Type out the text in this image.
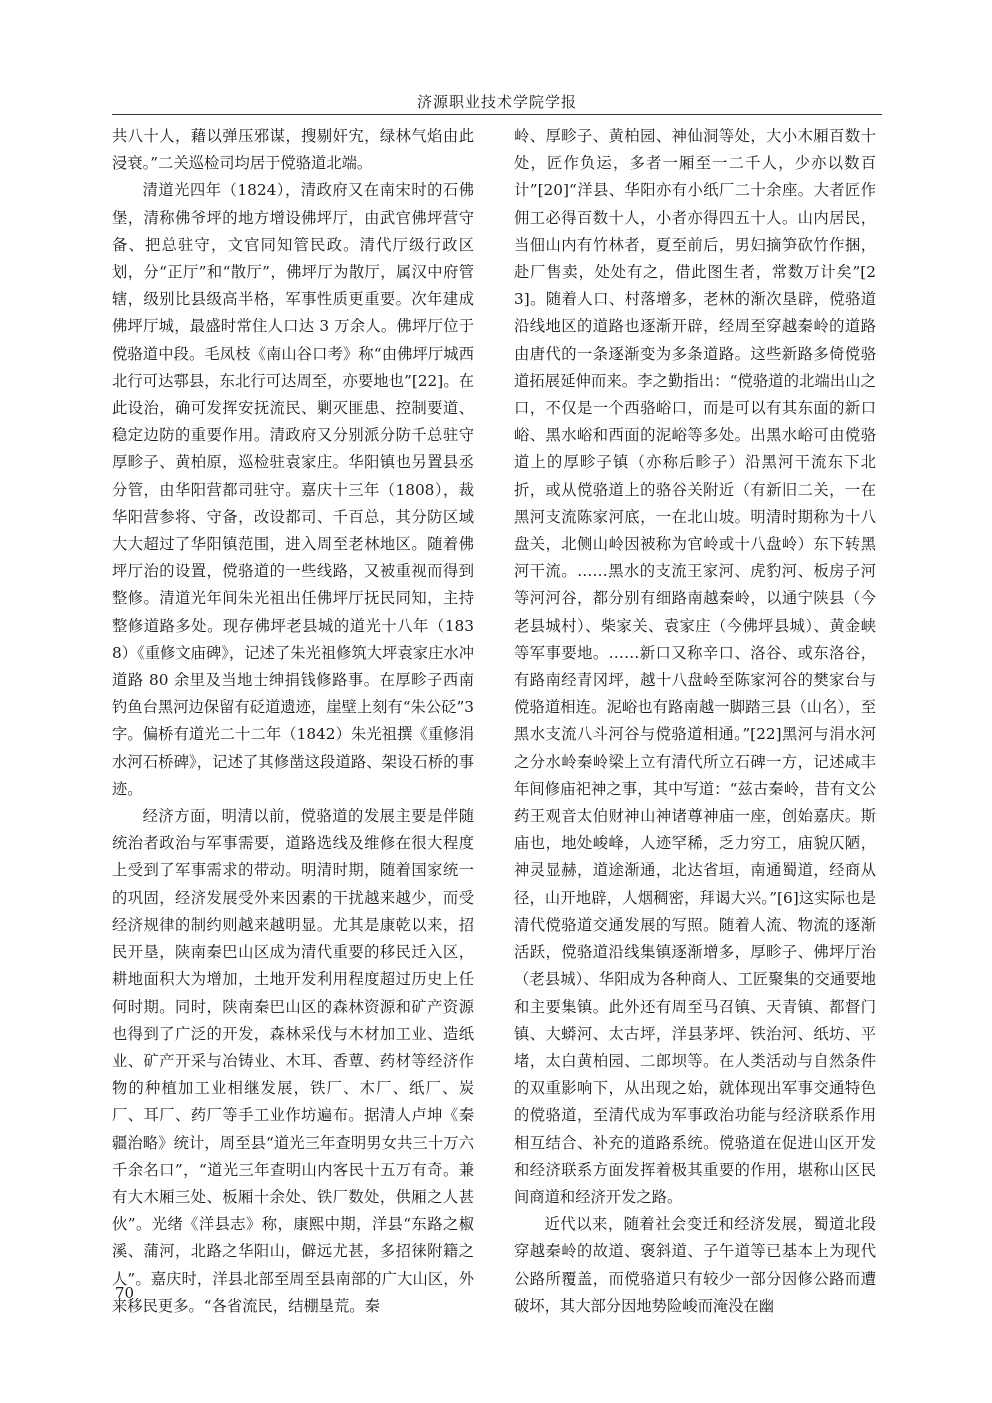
济源职业技术学院学报

共八十人，藉以弹压邪谋，搜剔奸宄，绿林气焰由此浸衰。”二关巡检司均居于傥骆道北端。

清道光四年（1824），清政府又在南宋时的石佛堡，清称佛爷坪的地方增设佛坪厅，由武官佛坪营守备、把总驻守，文官同知管民政。清代厅级行政区划，分“正厅”和“散厅”，佛坪厅为散厅，属汉中府管辖，级别比县级高半格，军事性质更重要。次年建成佛坪厅城，最盛时常住人口达 3 万余人。佛坪厅位于傥骆道中段。毛凤枝《南山谷口考》称“由佛坪厅城西北行可达鄠县，东北行可达周至，亦要地也”[22]。在此设治，确可发挥安抚流民、剿灭匪患、控制要道、稳定边防的重要作用。清政府又分别派分防千总驻守厚畛子、黄柏原，巡检驻袁家庄。华阳镇也另置县丞分管，由华阳营都司驻守。嘉庆十三年（1808），裁华阳营参将、守备，改设都司、千百总，其分防区域大大超过了华阳镇范围，进入周至老林地区。随着佛坪厅治的设置，傥骆道的一些线路，又被重视而得到整修。清道光年间朱光祖出任佛坪厅抚民同知，主持整修道路多处。现存佛坪老县城的道光十八年（1838）《重修文庙碑》，记述了朱光祖修筑大坪袁家庄水冲道路 80 余里及当地士绅捐钱修路事。在厚畛子西南钓鱼台黑河边保留有砭道遗迹，崖壁上刻有“朱公砭”3 字。偏桥有道光二十二年（1842）朱光祖撰《重修涓水河石桥碑》，记述了其修凿这段道路、架设石桥的事迹。

经济方面，明清以前，傥骆道的发展主要是伴随统治者政治与军事需要，道路选线及维修在很大程度上受到了军事需求的带动。明清时期，随着国家统一的巩固，经济发展受外来因素的干扰越来越少，而受经济规律的制约则越来越明显。尤其是康乾以来，招民开垦，陕南秦巴山区成为清代重要的移民迁入区，耕地面积大为增加，土地开发利用程度超过历史上任何时期。同时，陕南秦巴山区的森林资源和矿产资源也得到了广泛的开发，森林采伐与木材加工业、造纸业、矿产开采与冶铸业、木耳、香蕈、药材等经济作物的种植加工业相继发展，铁厂、木厂、纸厂、炭厂、耳厂、药厂等手工业作坊遍布。据清人卢坤《秦疆治略》统计，周至县“道光三年查明男女共三十万六千余名口”，“道光三年查明山内客民十五万有奇。兼有大木厢三处、板厢十余处、铁厂数处，供厢之人甚伙”。光绪《洋县志》称，康熙中期，洋县“东路之椒溪、蒲河，北路之华阳山，僻远尤甚，多招徕附籍之人”。嘉庆时，洋县北部至周至县南部的广大山区，外来移民更多。“各省流民，结棚垦荒。秦

岭、厚畛子、黄柏园、神仙洞等处，大小木厢百数十处，匠作负运，多者一厢至一二千人，少亦以数百计”[20]“洋县、华阳亦有小纸厂二十余座。大者匠作佣工必得百数十人，小者亦得四五十人。山内居民，当佃山内有竹林者，夏至前后，男妇摘笋砍竹作捆，赴厂售卖，处处有之，借此图生者，常数万计矣”[23]。随着人口、村落增多，老林的渐次垦辟，傥骆道沿线地区的道路也逐渐开辟，经周至穿越秦岭的道路由唐代的一条逐渐变为多条道路。这些新路多倚傥骆道拓展延伸而来。李之勤指出：“傥骆道的北端出山之口，不仅是一个西骆峪口，而是可以有其东面的新口峪、黑水峪和西面的泥峪等多处。出黑水峪可由傥骆道上的厚畛子镇（亦称后畛子）沿黑河干流东下北折，或从傥骆道上的骆谷关附近（有新旧二关，一在黑河支流陈家河底，一在北山坡。明清时期称为十八盘关，北侧山岭因被称为官岭或十八盘岭）东下转黑河干流。……黑水的支流王家河、虎豹河、板房子河等河河谷，都分别有细路南越秦岭，以通宁陕县（今老县城村）、柴家关、袁家庄（今佛坪县城）、黄金峡等军事要地。……新口又称辛口、洛谷、或东洛谷，有路南经青冈坪，越十八盘岭至陈家河谷的樊家台与傥骆道相连。泥峪也有路南越一脚踏三县（山名），至黑水支流八斗河谷与傥骆道相通。”[22]黑河与涓水河之分水岭秦岭梁上立有清代所立石碑一方，记述咸丰年间修庙祀神之事，其中写道：“兹古秦岭，昔有文公药王观音太伯财神山神诸尊神庙一座，创始嘉庆。斯庙也，地处峻峰，人迹罕稀，乏力穷工，庙貌仄陋，神灵显赫，道途渐通，北达省垣，南通蜀道，经商从径，山开地辟，人烟稠密，拜谒大兴。”[6]这实际也是清代傥骆道交通发展的写照。随着人流、物流的逐渐活跃，傥骆道沿线集镇逐渐增多，厚畛子、佛坪厅治（老县城）、华阳成为各种商人、工匠聚集的交通要地和主要集镇。此外还有周至马召镇、天青镇、都督门镇、大蟒河、太古坪，洋县茅坪、铁治河、纸坊、平堵，太白黄柏园、二郎坝等。在人类活动与自然条件的双重影响下，从出现之始，就体现出军事交通特色的傥骆道，至清代成为军事政治功能与经济联系作用相互结合、补充的道路系统。傥骆道在促进山区开发和经济联系方面发挥着极其重要的作用，堪称山区民间商道和经济开发之路。

近代以来，随着社会变迁和经济发展，蜀道北段穿越秦岭的故道、褒斜道、子午道等已基本上为现代公路所覆盖，而傥骆道只有较少一部分因修公路而遭破坏，其大部分因地势险峻而淹没在幽

70
